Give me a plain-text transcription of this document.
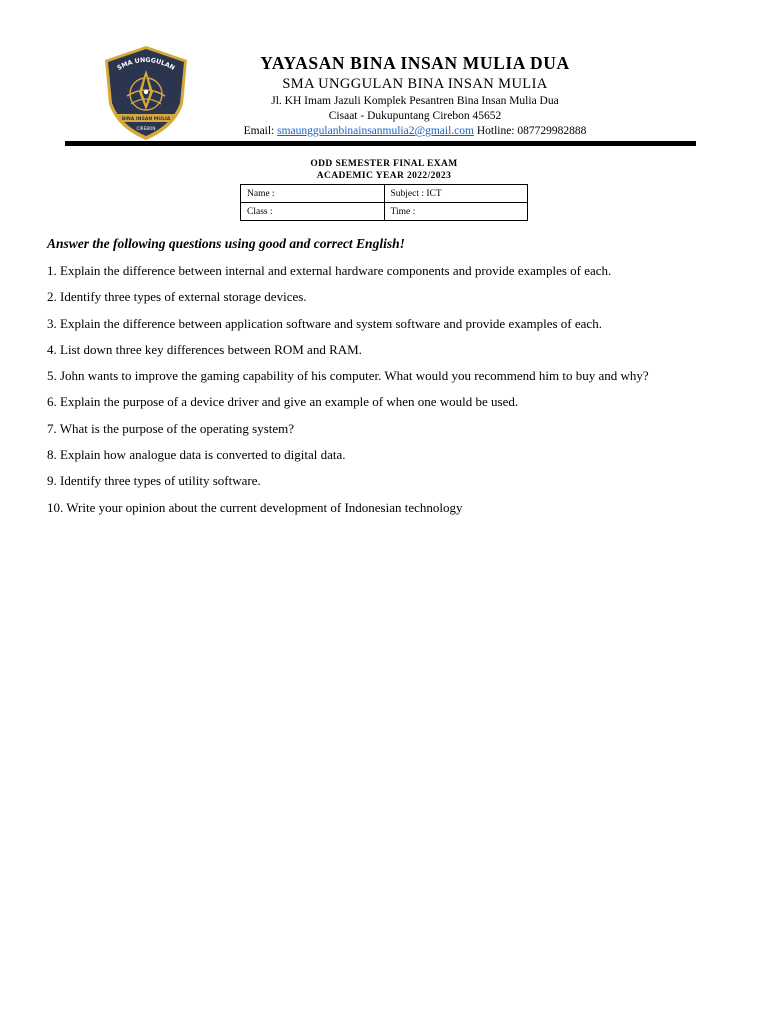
SMA UNGGULAN
BINA INSAN MULIA
CIREBON
YAYASAN BINA INSAN MULIA DUA
SMA UNGGULAN BINA INSAN MULIA
Jl. KH Imam Jazuli Komplek Pesantren Bina Insan Mulia Dua
Cisaat - Dukupuntang Cirebon 45652
Email: smaunggulanbinainsanmulia2@gmail.com Hotline: 087729982888
ODD SEMESTER FINAL EXAM
ACADEMIC YEAR 2022/2023
Name :	Subject : ICT
Class :	Time :
Answer the following questions using good and correct English!
1. Explain the difference between internal and external hardware components and provide examples of each.
2. Identify three types of external storage devices.
3. Explain the difference between application software and system software and provide examples of each.
4. List down three key differences between ROM and RAM.
5. John wants to improve the gaming capability of his computer. What would you recommend him to buy and why?
6. Explain the purpose of a device driver and give an example of when one would be used.
7. What is the purpose of the operating system?
8. Explain how analogue data is converted to digital data.
9. Identify three types of utility software.
10. Write your opinion about the current development of Indonesian technology
